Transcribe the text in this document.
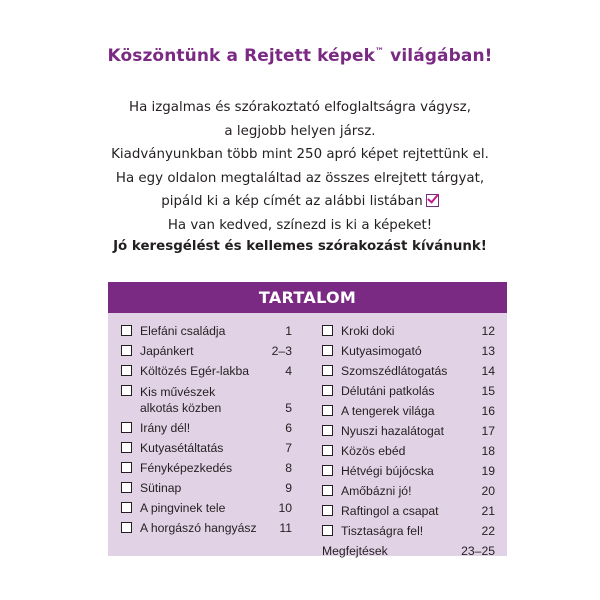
Köszöntünk a Rejtett képek™ világában!
Ha izgalmas és szórakoztató elfoglaltságra vágysz,
a legjobb helyen jársz.
Kiadványunkban több mint 250 apró képet rejtettünk el.
Ha egy oldalon megtaláltad az összes elrejtett tárgyat,
pipáld ki a kép címét az alábbi listában
Ha van kedved, színezd is ki a képeket!
Jó keresgélést és kellemes szórakozást kívánunk!
TARTALOM
Elefáni családja	1
Japánkert	2–3
Költözés Egér-lakba	4
Kis művészek
alkotás közben	5
Irány dél!	6
Kutyasétáltatás	7
Fényképezkedés	8
Sütinap	9
A pingvinek tele	10
A horgászó hangyász	11
Kroki doki	12
Kutyasimogató	13
Szomszédlátogatás	14
Délutáni patkolás	15
A tengerek világa	16
Nyuszi hazalátogat	17
Közös ebéd	18
Hétvégi bújócska	19
Amőbázni jó!	20
Raftingol a csapat	21
Tisztaságra fel!	22
Megfejtések	23–25
